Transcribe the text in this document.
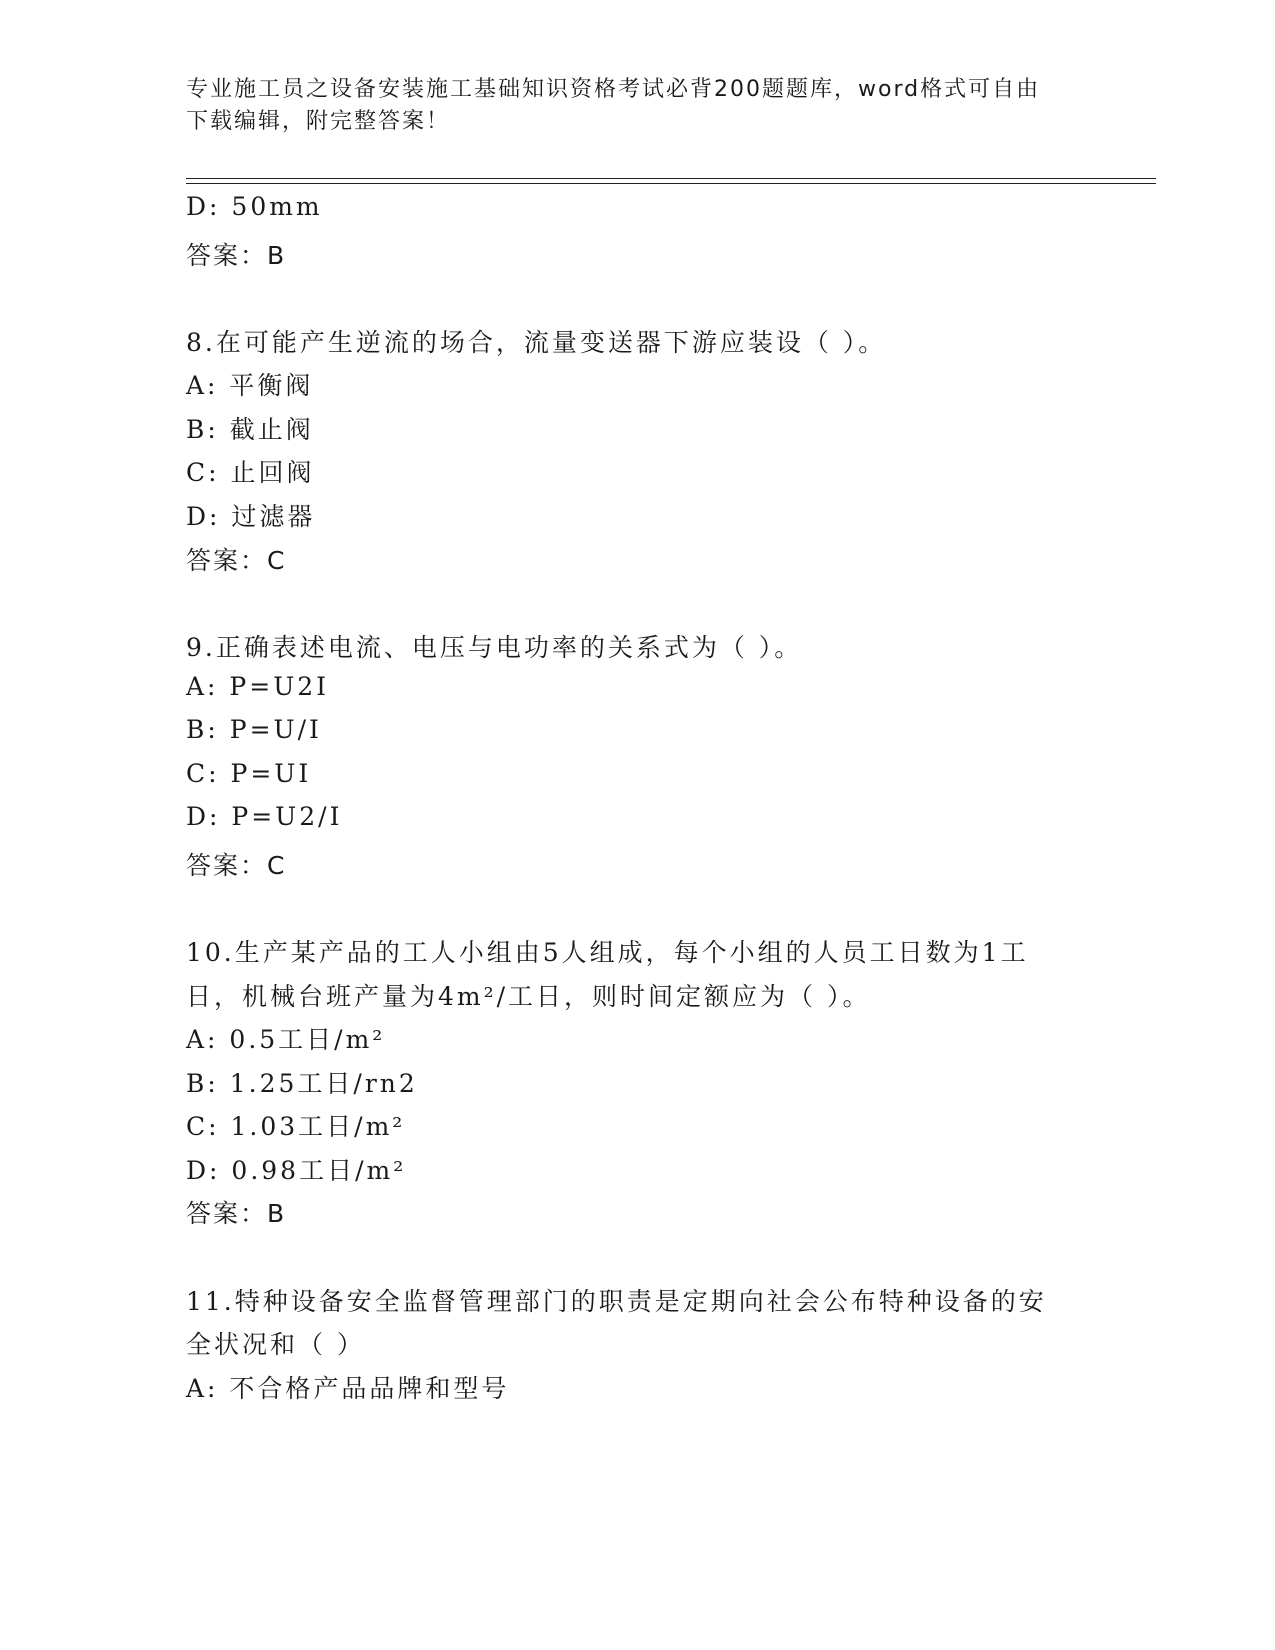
专业施工员之设备安装施工基础知识资格考试必背200题题库，word格式可自由
下载编辑，附完整答案！
D: 50mm
答案：B
8.在可能产生逆流的场合，流量变送器下游应装设（ ）。
A: 平衡阀
B: 截止阀
C: 止回阀
D: 过滤器
答案：C
9.正确表述电流、电压与电功率的关系式为（ ）。
A: P=U2I
B: P=U/I
C: P=UI
D: P=U2/I
答案：C
10.生产某产品的工人小组由5人组成，每个小组的人员工日数为1工
日，机械台班产量为4m²/工日，则时间定额应为（ ）。
A: 0.5工日/m²
B: 1.25工日/rn2
C: 1.03工日/m²
D: 0.98工日/m²
答案：B
11.特种设备安全监督管理部门的职责是定期向社会公布特种设备的安
全状况和（ ）
A: 不合格产品品牌和型号
